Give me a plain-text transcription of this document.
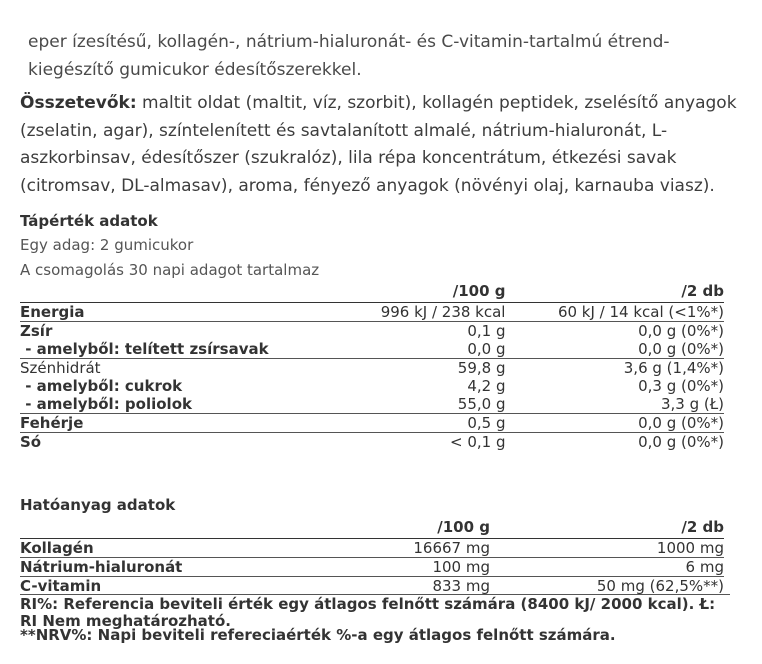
eper ízesítésű, kollagén-, nátrium-hialuronát- és C-vitamin-tartalmú étrend-kiegészítő gumicukor édesítőszerekkel.
Összetevők: maltit oldat (maltit, víz, szorbit), kollagén peptidek, zselésítő anyagok (zselatin, agar), színtelenített és savtalanított almalé, nátrium-hialuronát, L-aszkorbinsav, édesítőszer (szukralóz), lila répa koncentrátum, étkezési savak (citromsav, DL-almasav), aroma, fényező anyagok (növényi olaj, karnauba viasz).
Tápérték adatok
Egy adag: 2 gumicukor
A csomagolás 30 napi adagot tartalmaz
	/100 g	/2 db
Energia	996 kJ / 238 kcal	60 kJ / 14 kcal (<1%*)
Zsír	0,1 g	0,0 g (0%*)
- amelyből: telített zsírsavak	0,0 g	0,0 g (0%*)
Szénhidrát	59,8 g	3,6 g (1,4%*)
- amelyből: cukrok	4,2 g	0,3 g (0%*)
- amelyből: poliolok	55,0 g	3,3 g (Ł)
Fehérje	0,5 g	0,0 g (0%*)
Só	< 0,1 g	0,0 g (0%*)
Hatóanyag adatok
	/100 g	/2 db
Kollagén	16667 mg	1000 mg
Nátrium-hialuronát	100 mg	6 mg
C-vitamin	833 mg	50 mg (62,5%**)
RI%: Referencia beviteli érték egy átlagos felnőtt számára (8400 kJ/ 2000 kcal). Ł: RI Nem meghatározható.
**NRV%: Napi beviteli refereciaérték %-a egy átlagos felnőtt számára.
